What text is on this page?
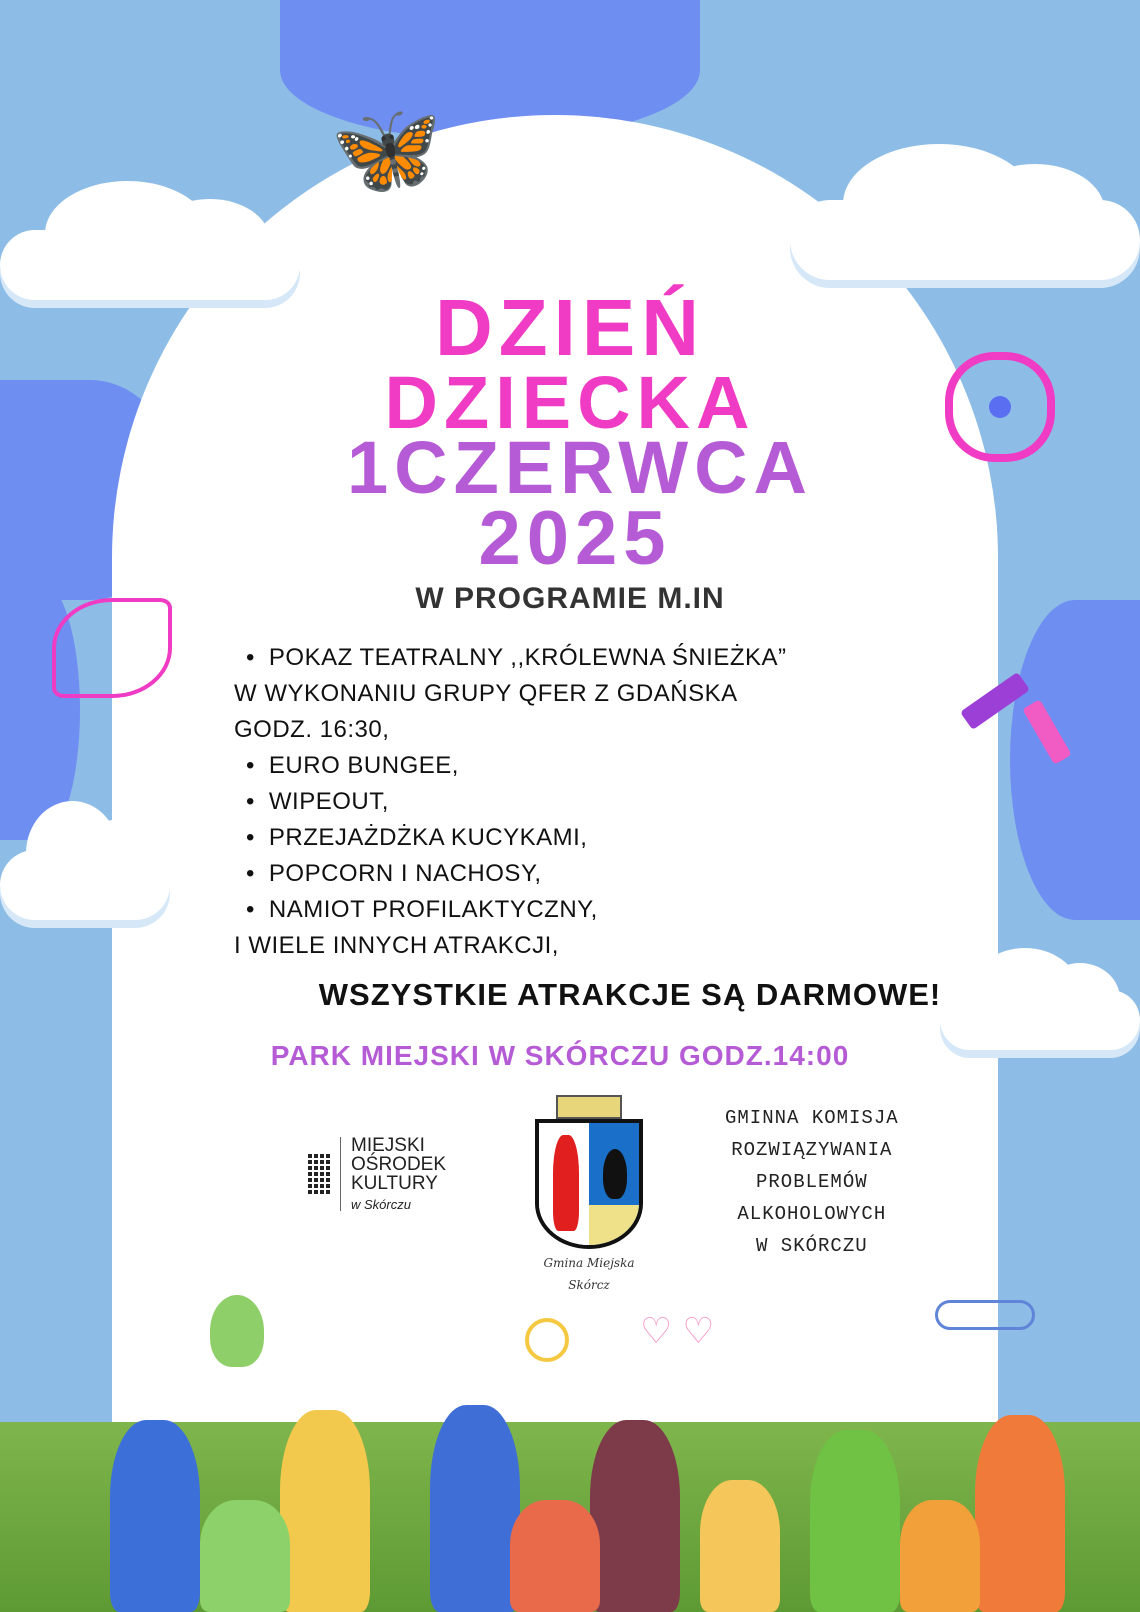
🦋
DZIEŃ
DZIECKA
1CZERWCA
2025
W PROGRAMIE M.IN
• POKAZ TEATRALNY ,,KRÓLEWNA ŚNIEŻKA”
W WYKONANIU GRUPY QFER Z GDAŃSKA
GODZ. 16:30,
• EURO BUNGEE,
• WIPEOUT,
• PRZEJAŻDŻKA KUCYKAMI,
• POPCORN I NACHOSY,
• NAMIOT PROFILAKTYCZNY,
I WIELE INNYCH ATRAKCJI,
WSZYSTKIE ATRAKCJE SĄ DARMOWE!
PARK MIEJSKI W SKÓRCZU GODZ.14:00
MIEJSKI
OŚRODEK
KULTURY
w Skórczu
Gmina Miejska
Skórcz
GMINNA KOMISJA
ROZWIĄZYWANIA
PROBLEMÓW
ALKOHOLOWYCH
W SKÓRCZU
♡ ♡
